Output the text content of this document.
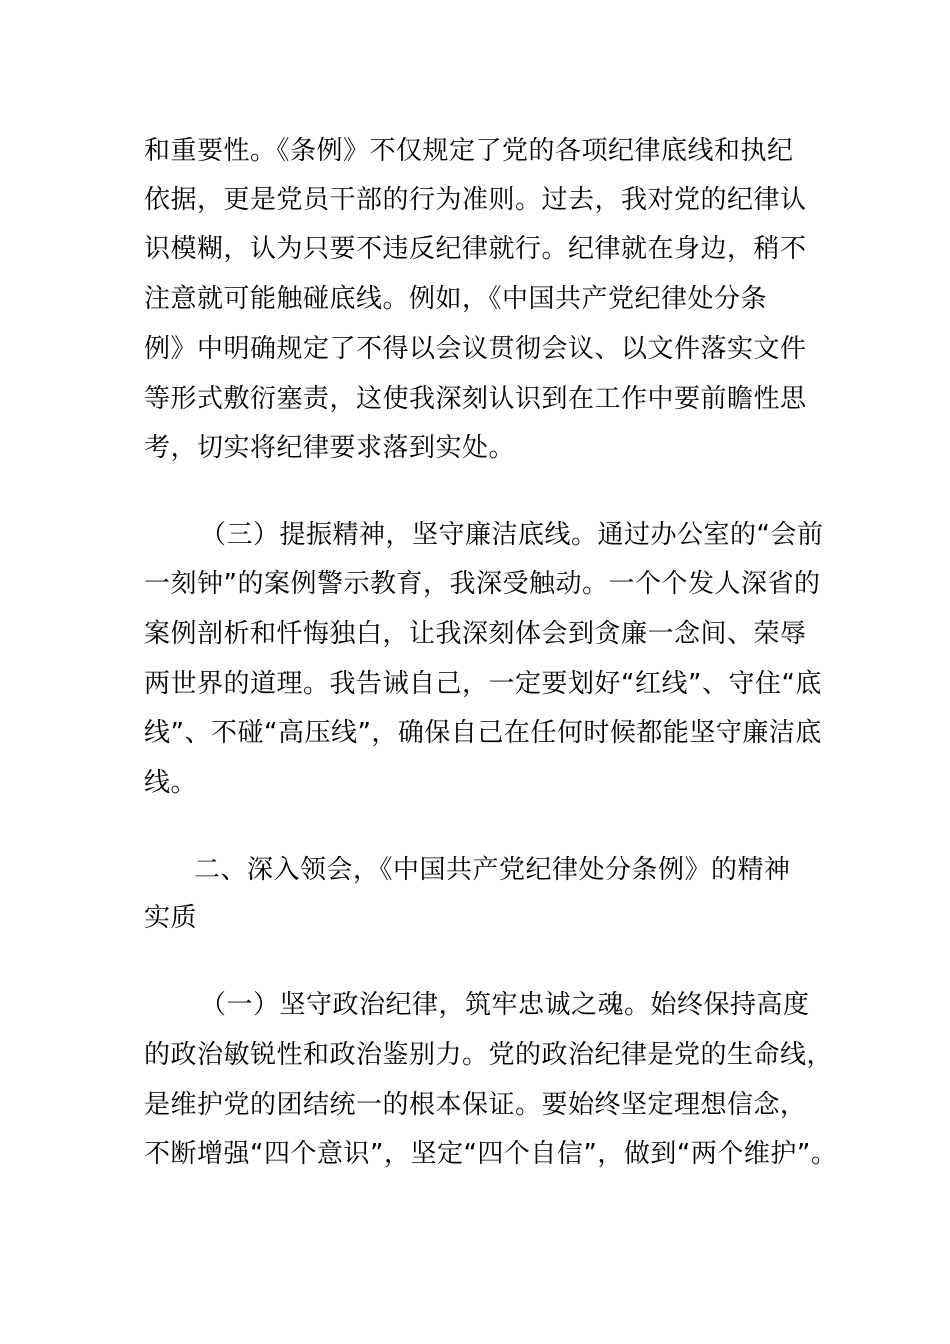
和重要性。《条例》不仅规定了党的各项纪律底线和执纪
依据，更是党员干部的行为准则。过去，我对党的纪律认
识模糊，认为只要不违反纪律就行。纪律就在身边，稍不
注意就可能触碰底线。例如，《中国共产党纪律处分条
例》中明确规定了不得以会议贯彻会议、以文件落实文件
等形式敷衍塞责，这使我深刻认识到在工作中要前瞻性思
考，切实将纪律要求落到实处。
（三）提振精神，坚守廉洁底线。通过办公室的“会前
一刻钟”的案例警示教育，我深受触动。一个个发人深省的
案例剖析和忏悔独白，让我深刻体会到贪廉一念间、荣辱
两世界的道理。我告诫自己，一定要划好“红线”、守住“底
线”、不碰“高压线”，确保自己在任何时候都能坚守廉洁底
线。
二、深入领会，《中国共产党纪律处分条例》的精神
实质
（一）坚守政治纪律，筑牢忠诚之魂。始终保持高度
的政治敏锐性和政治鉴别力。党的政治纪律是党的生命线，
是维护党的团结统一的根本保证。要始终坚定理想信念，
不断增强“四个意识”，坚定“四个自信”，做到“两个维护”。
